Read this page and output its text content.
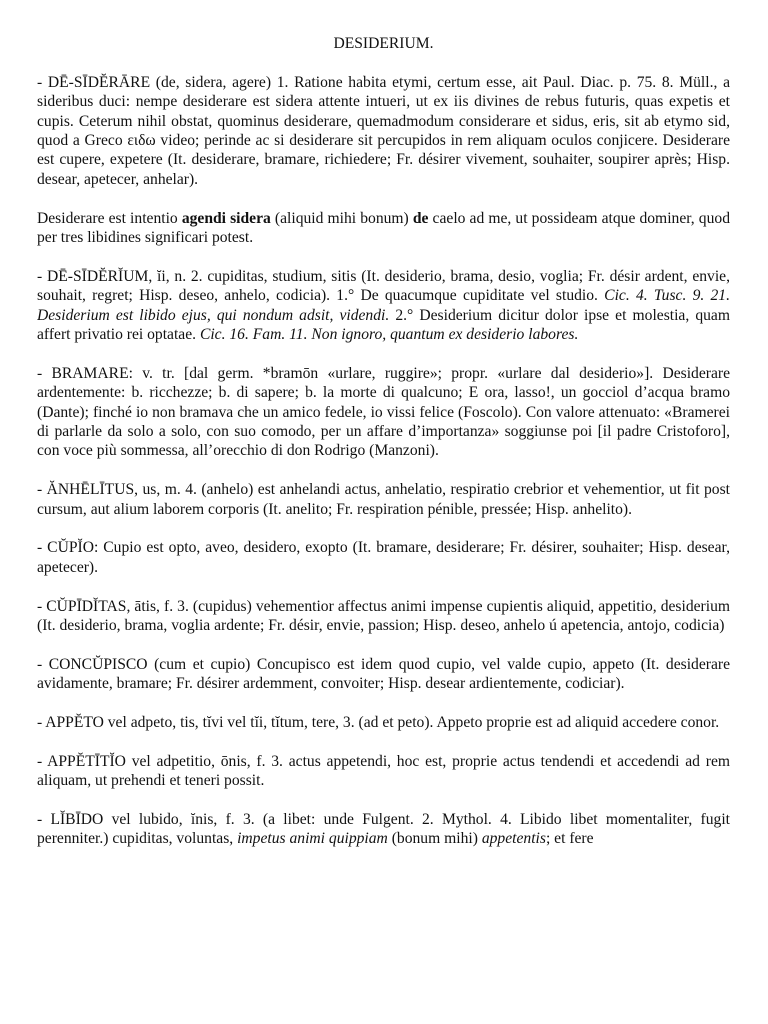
DESIDERIUM.
- DĒ-SĪDĔRĀRE (de, sidera, agere) 1. Ratione habita etymi, certum esse, ait Paul. Diac. p. 75. 8. Müll., a sideribus duci: nempe desiderare est sidera attente intueri, ut ex iis divines de rebus futuris, quas expetis et cupis. Ceterum nihil obstat, quominus desiderare, quemadmodum considerare et sidus, eris, sit ab etymo sid, quod a Greco ειδω video; perinde ac si desiderare sit percupidos in rem aliquam oculos conjicere. Desiderare est cupere, expetere (It. desiderare, bramare, richiedere; Fr. désirer vivement, souhaiter, soupirer après; Hisp. desear, apetecer, anhelar).
Desiderare est intentio agendi sidera (aliquid mihi bonum) de caelo ad me, ut possideam atque dominer, quod per tres libidines significari potest.
- DĒ-SĪDĔRĬUM, ĭi, n. 2. cupiditas, studium, sitis (It. desiderio, brama, desio, voglia; Fr. désir ardent, envie, souhait, regret; Hisp. deseo, anhelo, codicia). 1.° De quacumque cupiditate vel studio. Cic. 4. Tusc. 9. 21. Desiderium est libido ejus, qui nondum adsit, videndi. 2.° Desiderium dicitur dolor ipse et molestia, quam affert privatio rei optatae. Cic. 16. Fam. 11. Non ignoro, quantum ex desiderio labores.
- BRAMARE: v. tr. [dal germ. *bramōn «urlare, ruggire»; propr. «urlare dal desiderio»]. Desiderare ardentemente: b. ricchezze; b. di sapere; b. la morte di qualcuno; E ora, lasso!, un gocciol d’acqua bramo (Dante); finché io non bramava che un amico fedele, io vissi felice (Foscolo). Con valore attenuato: «Bramerei di parlarle da solo a solo, con suo comodo, per un affare d’importanza» soggiunse poi [il padre Cristoforo], con voce più sommessa, all’orecchio di don Rodrigo (Manzoni).
- ĂNHĒLĪTUS, us, m. 4. (anhelo) est anhelandi actus, anhelatio, respiratio crebrior et vehementior, ut fit post cursum, aut alium laborem corporis (It. anelito; Fr. respiration pénible, pressée; Hisp. anhelito).
- CŬPĬO: Cupio est opto, aveo, desidero, exopto (It. bramare, desiderare; Fr. désirer, souhaiter; Hisp. desear, apetecer).
- CŬPĪDĬTAS, ātis, f. 3. (cupidus) vehementior affectus animi impense cupientis aliquid, appetitio, desiderium (It. desiderio, brama, voglia ardente; Fr. désir, envie, passion; Hisp. deseo, anhelo ú apetencia, antojo, codicia)
- CONCŬPISCO (cum et cupio) Concupisco est idem quod cupio, vel valde cupio, appeto (It. desiderare avidamente, bramare; Fr. désirer ardemment, convoiter; Hisp. desear ardientemente, codiciar).
- APPĔTO vel adpeto, tis, tĭvi vel tĭi, tĭtum, tere, 3. (ad et peto). Appeto proprie est ad aliquid accedere conor.
- APPĔTĪTĬO vel adpetitio, ōnis, f. 3. actus appetendi, hoc est, proprie actus tendendi et accedendi ad rem aliquam, ut prehendi et teneri possit.
- LĬBĪDO vel lubido, ĭnis, f. 3. (a libet: unde Fulgent. 2. Mythol. 4. Libido libet momentaliter, fugit perenniter.) cupiditas, voluntas, impetus animi quippiam (bonum mihi) appetentis; et fere
